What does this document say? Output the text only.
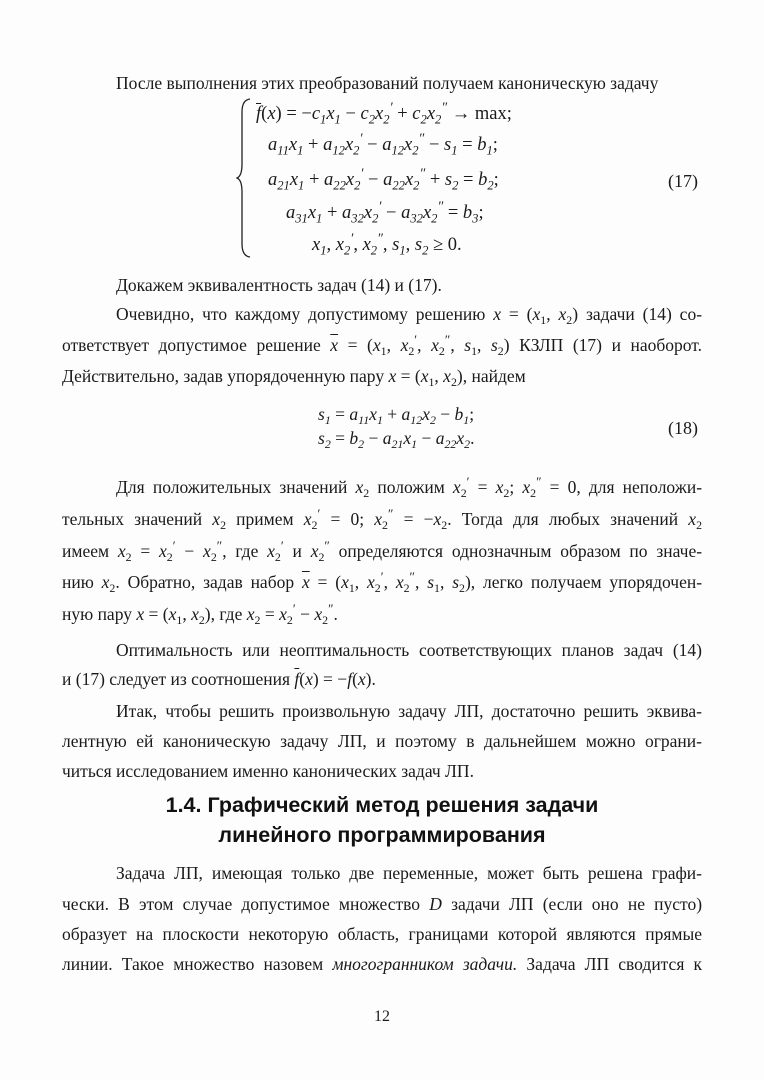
После выполнения этих преобразований получаем каноническую задачу
$\overline{f}(x) = -c_1x_1 - c_2x_2' + c_2x_2'' \to \max$;
$a_{11}x_1 + a_{12}x_2' - a_{12}x_2'' - s_1 = b_1$;
$a_{21}x_1 + a_{22}x_2' - a_{22}x_2'' + s_2 = b_2$;
$a_{31}x_1 + a_{32}x_2' - a_{32}x_2'' = b_3$;
$x_1$, $x_2'$, $x_2''$, $s_1$, $s_2 \ge 0$.
(17)
Докажем эквивалентность задач (14) и (17).
Очевидно, что каждому допустимому решению $x = (x_1$, $x_2$) задачи (14) со-
ответствует допустимое решение $\overline{x} = (x_1$, $x_2'$, $x_2''$, $s_1$, $s_2$) КЗЛП (17) и наоборот.
Действительно, задав упорядоченную пару $x = (x_1$, $x_2$), найдем
$s_1 = a_{11}x_1 + a_{12}x_2 - b_1$;
$s_2 = b_2 - a_{21}x_1 - a_{22}x_2$.	(18)
Для положительных значений $x_2$ положим $x_2' = x_2$; $x_2'' = 0$, для неположи-
тельных значений $x_2$ примем $x_2' = 0$; $x_2'' = -x_2$. Тогда для любых значений $x_2$
имеем $x_2 = x_2' - x_2''$, где $x_2'$ и $x_2''$ определяются однозначным образом по значе-
нию $x_2$. Обратно, задав набор $\overline{x} = (x_1$, $x_2'$, $x_2''$, $s_1$, $s_2$), легко получаем упорядочен-
ную пару $x = (x_1$, $x_2$), где $x_2 = x_2' - x_2''$.
Оптимальность или неоптимальность соответствующих планов задач (14)
и (17) следует из соотношения $\overline{f}(x) = -f(x)$.
Итак, чтобы решить произвольную задачу ЛП, достаточно решить эквива-
лентную ей каноническую задачу ЛП, и поэтому в дальнейшем можно ограни-
читься исследованием именно канонических задач ЛП.
1.4. Графический метод решения задачи
линейного программирования
Задача ЛП, имеющая только две переменные, может быть решена графи-
чески. В этом случае допустимое множество D задачи ЛП (если оно не пусто)
образует на плоскости некоторую область, границами которой являются прямые
линии. Такое множество назовем многогранником задачи. Задача ЛП сводится к
12
